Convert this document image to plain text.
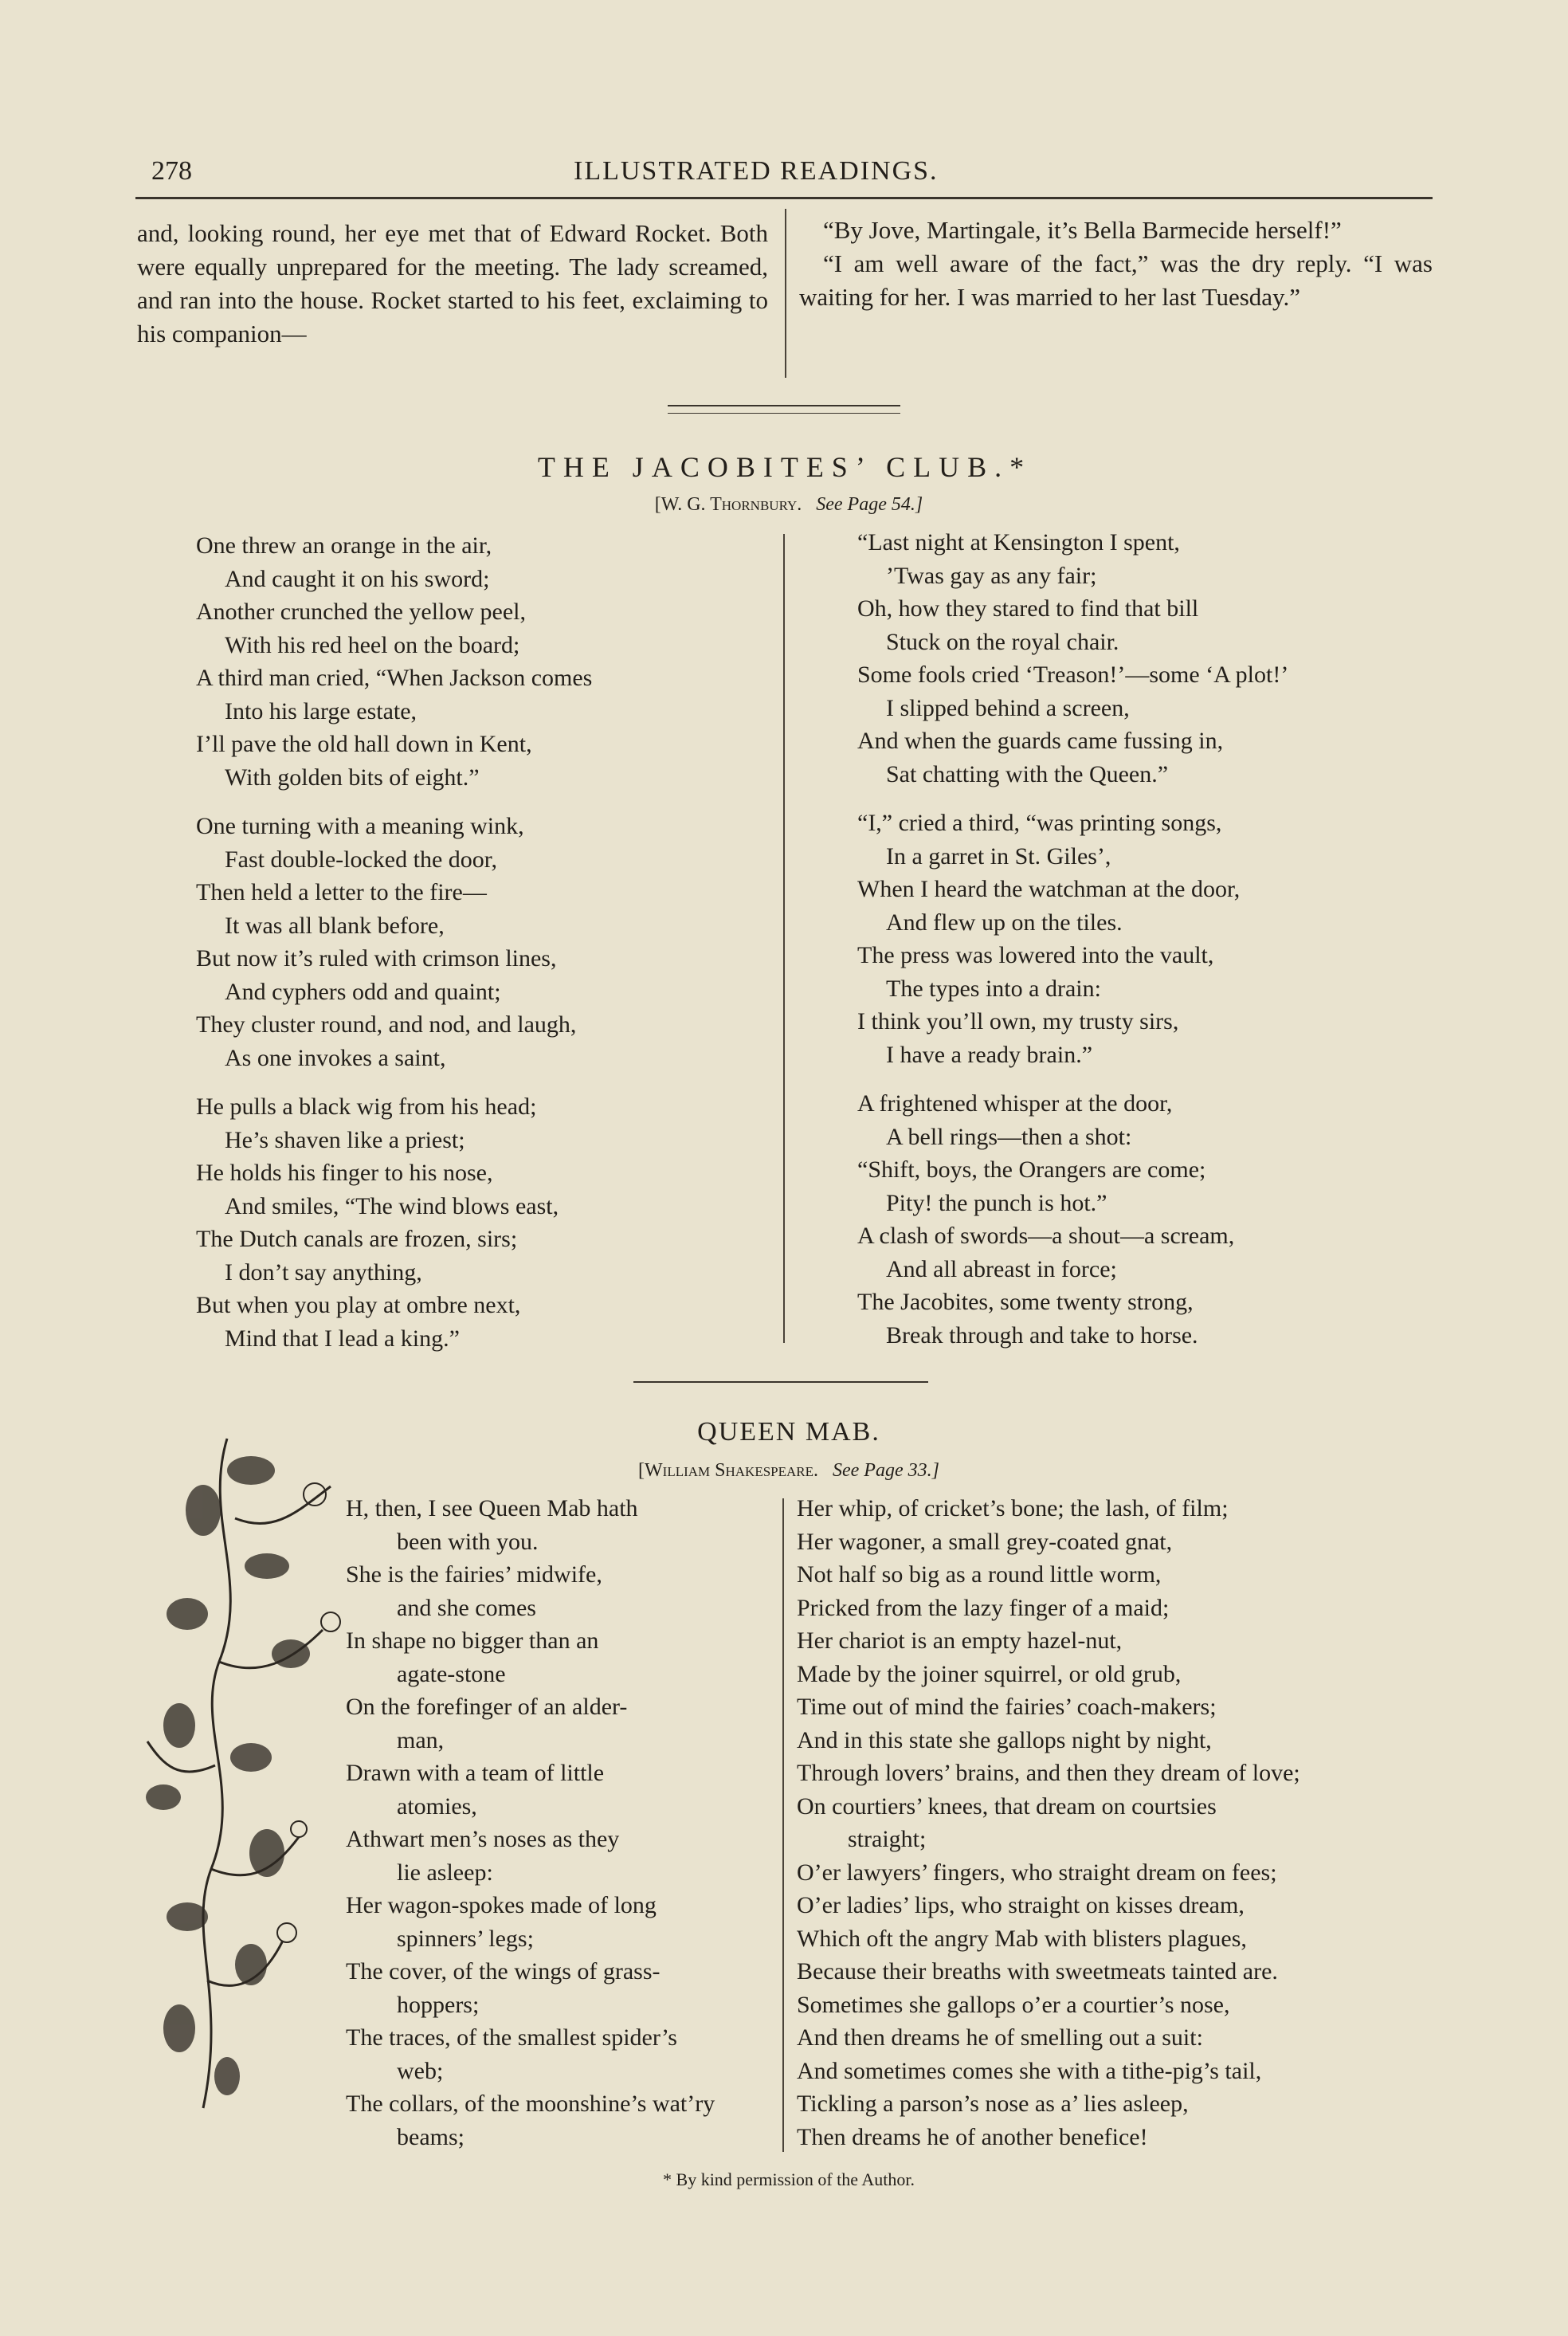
278	ILLUSTRATED READINGS.

and, looking round, her eye met that of Edward Rocket. Both were equally unprepared for the meeting. The lady screamed, and ran into the house. Rocket started to his feet, exclaiming to his companion—

“By Jove, Martingale, it’s Bella Barmecide herself!”

“I am well aware of the fact,” was the dry reply. “I was waiting for her. I was married to her last Tuesday.”

THE JACOBITES’ CLUB.*
[W. G. Thornbury. See Page 54.]
One threw an orange in the air,
And caught it on his sword;
Another crunched the yellow peel,
With his red heel on the board;
A third man cried, “When Jackson comes
Into his large estate,
I’ll pave the old hall down in Kent,
With golden bits of eight.”
One turning with a meaning wink,
Fast double-locked the door,
Then held a letter to the fire—
It was all blank before,
But now it’s ruled with crimson lines,
And cyphers odd and quaint;
They cluster round, and nod, and laugh,
As one invokes a saint,
He pulls a black wig from his head;
He’s shaven like a priest;
He holds his finger to his nose,
And smiles, “The wind blows east,
The Dutch canals are frozen, sirs;
I don’t say anything,
But when you play at ombre next,
Mind that I lead a king.”
“Last night at Kensington I spent,
’Twas gay as any fair;
Oh, how they stared to find that bill
Stuck on the royal chair.
Some fools cried ‘Treason!’—some ‘A plot!’
I slipped behind a screen,
And when the guards came fussing in,
Sat chatting with the Queen.”
“I,” cried a third, “was printing songs,
In a garret in St. Giles’,
When I heard the watchman at the door,
And flew up on the tiles.
The press was lowered into the vault,
The types into a drain:
I think you’ll own, my trusty sirs,
I have a ready brain.”
A frightened whisper at the door,
A bell rings—then a shot:
“Shift, boys, the Orangers are come;
Pity! the punch is hot.”
A clash of swords—a shout—a scream,
And all abreast in force;
The Jacobites, some twenty strong,
Break through and take to horse.
QUEEN MAB.
[William Shakespeare. See Page 33.]
H, then, I see Queen Mab hath
been with you.
She is the fairies’ midwife,
and she comes
In shape no bigger than an
agate-stone
On the forefinger of an alder-
man,
Drawn with a team of little
atomies,
Athwart men’s noses as they
lie asleep:
Her wagon-spokes made of long
spinners’ legs;
The cover, of the wings of grass-
hoppers;
The traces, of the smallest spider’s
web;
The collars, of the moonshine’s wat’ry
beams;
Her whip, of cricket’s bone; the lash, of film;
Her wagoner, a small grey-coated gnat,
Not half so big as a round little worm,
Pricked from the lazy finger of a maid;
Her chariot is an empty hazel-nut,
Made by the joiner squirrel, or old grub,
Time out of mind the fairies’ coach-makers;
And in this state she gallops night by night,
Through lovers’ brains, and then they dream of love;
On courtiers’ knees, that dream on courtsies
straight;
O’er lawyers’ fingers, who straight dream on fees;
O’er ladies’ lips, who straight on kisses dream,
Which oft the angry Mab with blisters plagues,
Because their breaths with sweetmeats tainted are.
Sometimes she gallops o’er a courtier’s nose,
And then dreams he of smelling out a suit:
And sometimes comes she with a tithe-pig’s tail,
Tickling a parson’s nose as a’ lies asleep,
Then dreams he of another benefice!
* By kind permission of the Author.
